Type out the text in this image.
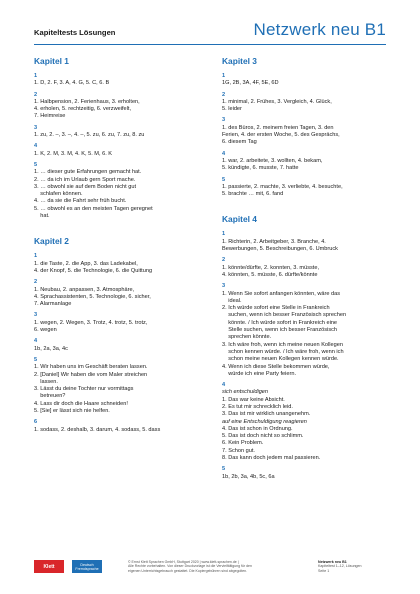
Kapiteltests Lösungen	Netzwerk neu B1
Kapitel 1
1
1. D, 2. F, 3. A, 4. G, 5. C, 6. B
2
1. Halbpension, 2. Ferienhaus, 3. erholten,
4. erholen, 5. rechtzeitig, 6. verzweifelt,
7. Heimreise
3
1. zu, 2. –, 3. –, 4. –, 5. zu, 6. zu, 7. zu, 8. zu
4
1. K, 2. M, 3. M, 4. K, 5. M, 6. K
5
1. … dieser gute Erfahrungen gemacht hat.
2. … da ich im Urlaub gern Sport mache.
3. … obwohl sie auf dem Boden nicht gut
schlafen können.
4. … da sie die Fahrt sehr früh bucht.
5. … obwohl es an den meisten Tagen geregnet
hat.
Kapitel 2
1
1. die Taste, 2. die App, 3. das Ladekabel,
4. der Knopf, 5. die Technologie, 6. die Quittung
2
1. Neubau, 2. anpassen, 3. Atmosphäre,
4. Sprachassistenten, 5. Technologie, 6. sicher,
7. Alarmanlage
3
1. wegen, 2. Wegen, 3. Trotz, 4. trotz, 5. trotz,
6. wegen
4
1b, 2a, 3a, 4c
5
1. Wir haben uns im Geschäft beraten lassen.
2. [Daniel] Wir haben die vom Maler streichen
lassen.
3. Lässt du deine Tochter nur vormittags
betreuen?
4. Lass dir doch die Haare schneiden!
5. [Sie] er lässt sich nie helfen.
6
1. sodass, 2. deshalb, 3. darum, 4. sodass, 5. dass
Kapitel 3
1
1G, 2B, 3A, 4F, 5E, 6D
2
1. minimal, 2. Frühes, 3. Vergleich, 4. Glück,
5. leider
3
1. des Büros, 2. meinem freien Tagen, 3. den
Ferien, 4. der ersten Woche, 5. des Gesprächs,
6. diesem Tag
4
1. war, 2. arbeitete, 3. wollten, 4. bekam,
5. kündigte, 6. musste, 7. hatte
5
1. passierte, 2. machte, 3. verliebte, 4. besuchte,
5. brachte … mit, 6. fand
Kapitel 4
1
1. Richterin, 2. Arbeitgeber, 3. Branche, 4.
Bewerbungen, 5. Beschreibungen, 6. Umbruck
2
1. könnte/dürfte, 2. konnten, 3. müsste,
4. könnten, 5. müsste, 6. dürfte/könnte
3
1. Wenn Sie sofort anfangen könnten, wäre das
ideal.
2. Ich würde sofort eine Stelle in Frankreich
suchen, wenn ich besser Französisch sprechen
könnte. / Ich würde sofort in Frankreich eine
Stelle suchen, wenn ich besser Französisch
sprechen könnte.
3. Ich wäre froh, wenn ich meine neuen Kollegen
schon kennen würde. / Ich wäre froh, wenn ich
schon meine neuen Kollegen kennen würde.
4. Wenn ich diese Stelle bekommen würde,
würde ich eine Party feiern.
4
sich entschuldigen
1. Das war keine Absicht.
2. Es tut mir schrecklich leid.
3. Das ist mir wirklich unangenehm.
auf eine Entschuldigung reagieren
4. Das ist schon in Ordnung.
5. Das ist doch nicht so schlimm.
6. Kein Problem.
7. Schon gut.
8. Das kann doch jedem mal passieren.
5
1b, 2b, 3a, 4b, 5c, 6a
Klett	Deutsch
Fremdsprache
© Ernst Klett Sprachen GmbH, Stuttgart 2020 | www.klett-sprachen.de |
Alle Rechte vorbehalten. Von dieser Druckvorlage ist die Vervielfältigung für den
eigenen Unterrichtsgebrauch gestattet. Die Kopiergebühren sind abgegolten.
Netzwerk neu B1
Kapiteltest 1–12, Lösungen
Seite 1
